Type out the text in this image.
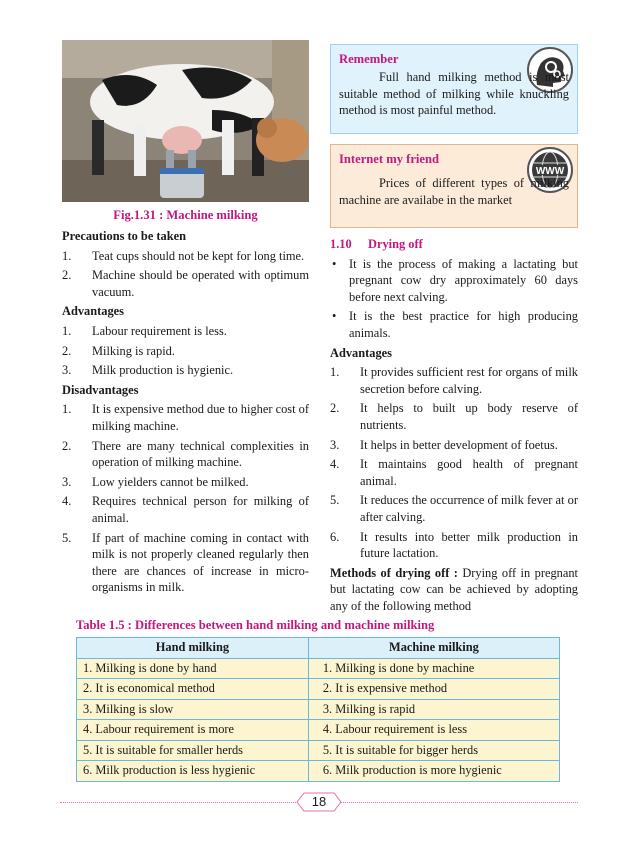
Fig.1.31 : Machine milking
Precautions to be taken
1. Teat cups should not be kept for long time.
2. Machine should be operated with optimum vacuum.
Advantages
1. Labour requirement is less.
2. Milking is rapid.
3. Milk production is hygienic.
Disadvantages
1. It is expensive method due to higher cost of milking machine.
2. There are many technical complexities in operation of milking machine.
3. Low yielders cannot be milked.
4. Requires technical person for milking of animal.
5. If part of machine coming in contact with milk is not properly cleaned regularly then there are chances of increase in micro-organisms in milk.
Remember
Full hand milking method is most suitable method of milking while knuckling method is most painful method.
Internet my friend
WWW
Prices of different types of milking machine are availabe in the market
1.10 Drying off
• It is the process of making a lactating but pregnant cow dry approximately 60 days before next calving.
• It is the best practice for high producing animals.
Advantages
1. It provides sufficient rest for organs of milk secretion before calving.
2. It helps to built up body reserve of nutrients.
3. It helps in better development of foetus.
4. It maintains good health of pregnant animal.
5. It reduces the occurrence of milk fever at or after calving.
6. It results into better milk production in future lactation.
Methods of drying off : Drying off in pregnant but lactating cow can be achieved by adopting any of the following method
Table 1.5 : Differences between hand milking and machine milking
Hand milking	Machine milking
1. Milking is done by hand	1. Milking is done by machine
2. It is economical method	2. It is expensive method
3. Milking is slow	3. Milking is rapid
4. Labour requirement is more	4. Labour requirement is less
5. It is suitable for smaller herds	5. It is suitable for bigger herds
6. Milk production is less hygienic	6. Milk production is more hygienic
18
